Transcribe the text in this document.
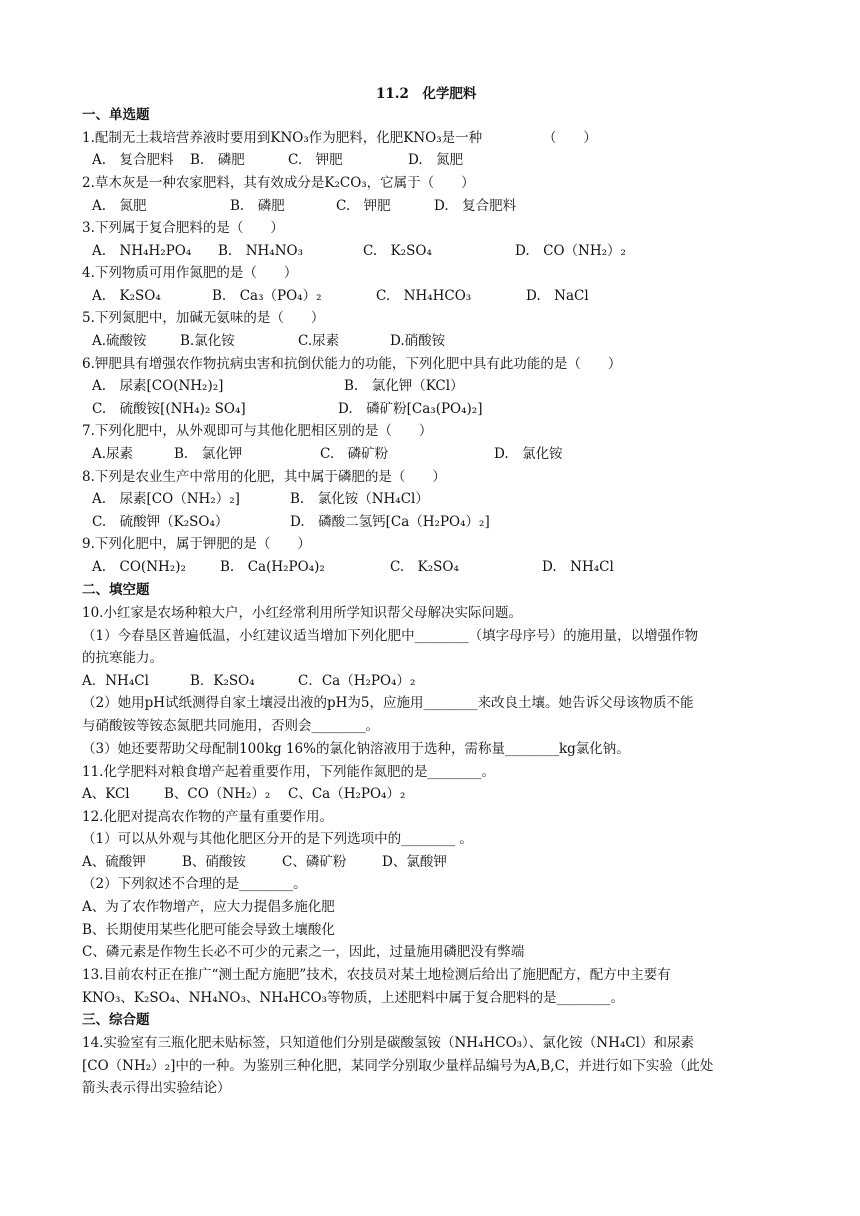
11.2　化学肥料
一、单选题
1.配制无土栽培营养液时要用到KNO₃作为肥料，化肥KNO₃是一种　　　　　（　　）
A.　复合肥料	B.　磷肥	C.　钾肥	D.　氮肥
2.草木灰是一种农家肥料，其有效成分是K₂CO₃，它属于（　　）
A.　氮肥	B.　磷肥	C.　钾肥	D.　复合肥料
3.下列属于复合肥料的是（　　）
A.　NH₄H₂PO₄	B.　NH₄NO₃	C.　K₂SO₄	D.　CO（NH₂）₂
4.下列物质可用作氮肥的是（　　）
A.　K₂SO₄	B.　Ca₃（PO₄）₂	C.　NH₄HCO₃	D.　NaCl
5.下列氮肥中，加碱无氨味的是（　　）
A.硫酸铵	B.氯化铵	C.尿素	D.硝酸铵
6.钾肥具有增强农作物抗病虫害和抗倒伏能力的功能，下列化肥中具有此功能的是（　　）
A.　尿素[CO(NH₂)₂]	B.　氯化钾（KCl）
C.　硫酸铵[(NH₄)₂ SO₄]	D.　磷矿粉[Ca₃(PO₄)₂]
7.下列化肥中，从外观即可与其他化肥相区别的是（　　）
A.尿素	B.　氯化钾	C.　磷矿粉	D.　氯化铵
8.下列是农业生产中常用的化肥，其中属于磷肥的是（　　）
A.　尿素[CO（NH₂）₂]	B.　氯化铵（NH₄Cl）
C.　硫酸钾（K₂SO₄）	D.　磷酸二氢钙[Ca（H₂PO₄）₂]
9.下列化肥中，属于钾肥的是（　　）
A.　CO(NH₂)₂	B.　Ca(H₂PO₄)₂	C.　K₂SO₄	D.　NH₄Cl
二、填空题
10.小红家是农场种粮大户，小红经常利用所学知识帮父母解决实际问题。
（1）今春垦区普遍低温，小红建议适当增加下列化肥中________（填字母序号）的施用量，以增强作物
的抗寒能力。
A．NH₄Cl	B．K₂SO₄	C．Ca（H₂PO₄）₂
（2）她用pH试纸测得自家土壤浸出液的pH为5，应施用________来改良土壤。她告诉父母该物质不能
与硝酸铵等铵态氮肥共同施用，否则会________。
（3）她还要帮助父母配制100kg 16%的氯化钠溶液用于选种，需称量________kg氯化钠。
11.化学肥料对粮食增产起着重要作用，下列能作氮肥的是________。
A、KCl	B、CO（NH₂）₂	C、Ca（H₂PO₄）₂
12.化肥对提高农作物的产量有重要作用。
（1）可以从外观与其他化肥区分开的是下列选项中的________ 。
A、硫酸钾	B、硝酸铵	C、磷矿粉	D、氯酸钾
（2）下列叙述不合理的是________。
A、为了农作物增产，应大力提倡多施化肥
B、长期使用某些化肥可能会导致土壤酸化
C、磷元素是作物生长必不可少的元素之一，因此，过量施用磷肥没有弊端
13.目前农村正在推广“测土配方施肥”技术，农技员对某土地检测后给出了施肥配方，配方中主要有
KNO₃、K₂SO₄、NH₄NO₃、NH₄HCO₃等物质，上述肥料中属于复合肥料的是________。
三、综合题
14.实验室有三瓶化肥未贴标签，只知道他们分别是碳酸氢铵（NH₄HCO₃）、氯化铵（NH₄Cl）和尿素
[CO（NH₂）₂]中的一种。为鉴别三种化肥，某同学分别取少量样品编号为A,B,C，并进行如下实验（此处
箭头表示得出实验结论）
